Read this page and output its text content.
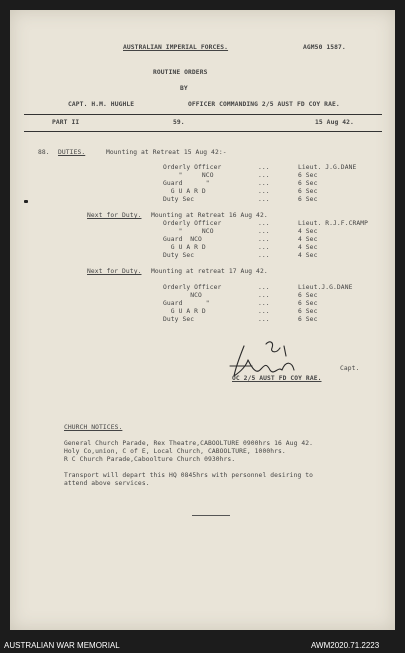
AUSTRALIAN IMPERIAL FORCES.	AGM50 1587.
ROUTINE ORDERS
BY
CAPT. H.M. HUGHLE	OFFICER COMMANDING 2/5 AUST FD COY RAE.
PART II	59.	15 Aug 42.
88. DUTIES.	Mounting at Retreat 15 Aug 42:-
Orderly Officer	...	Lieut. J.G.DANE
"     NCO	...	6 Sec
Guard      "	...	6 Sec
G U A R D	...	6 Sec
Duty Sec	...	6 Sec
Next for Duty. Mounting at Retreat 16 Aug 42.
Orderly Officer	...	Lieut. R.J.F.CRAMP
"     NCO	...	4 Sec
Guard  NCO	...	4 Sec
G U A R D	...	4 Sec
Duty Sec	...	4 Sec
Next for Duty. Mounting at retreat 17 Aug 42.
Orderly Officer	...	Lieut.J.G.DANE
NCO	...	6 Sec
Guard      "	...	6 Sec
G U A R D	...	6 Sec
Duty Sec	...	6 Sec
Capt.
OC 2/5 AUST FD COY RAE.
CHURCH NOTICES.
General Church Parade, Rex Theatre,CABOOLTURE 0900hrs 16 Aug 42.
Holy Co,union, C of E, Local Church, CABOOLTURE, 1000hrs.
R C Church Parade,Caboolture Church 0930hrs.
Transport will depart this HQ 0845hrs with personnel desiring to
attend above services.
AUSTRALIAN WAR MEMORIAL	AWM2020.71.2223
